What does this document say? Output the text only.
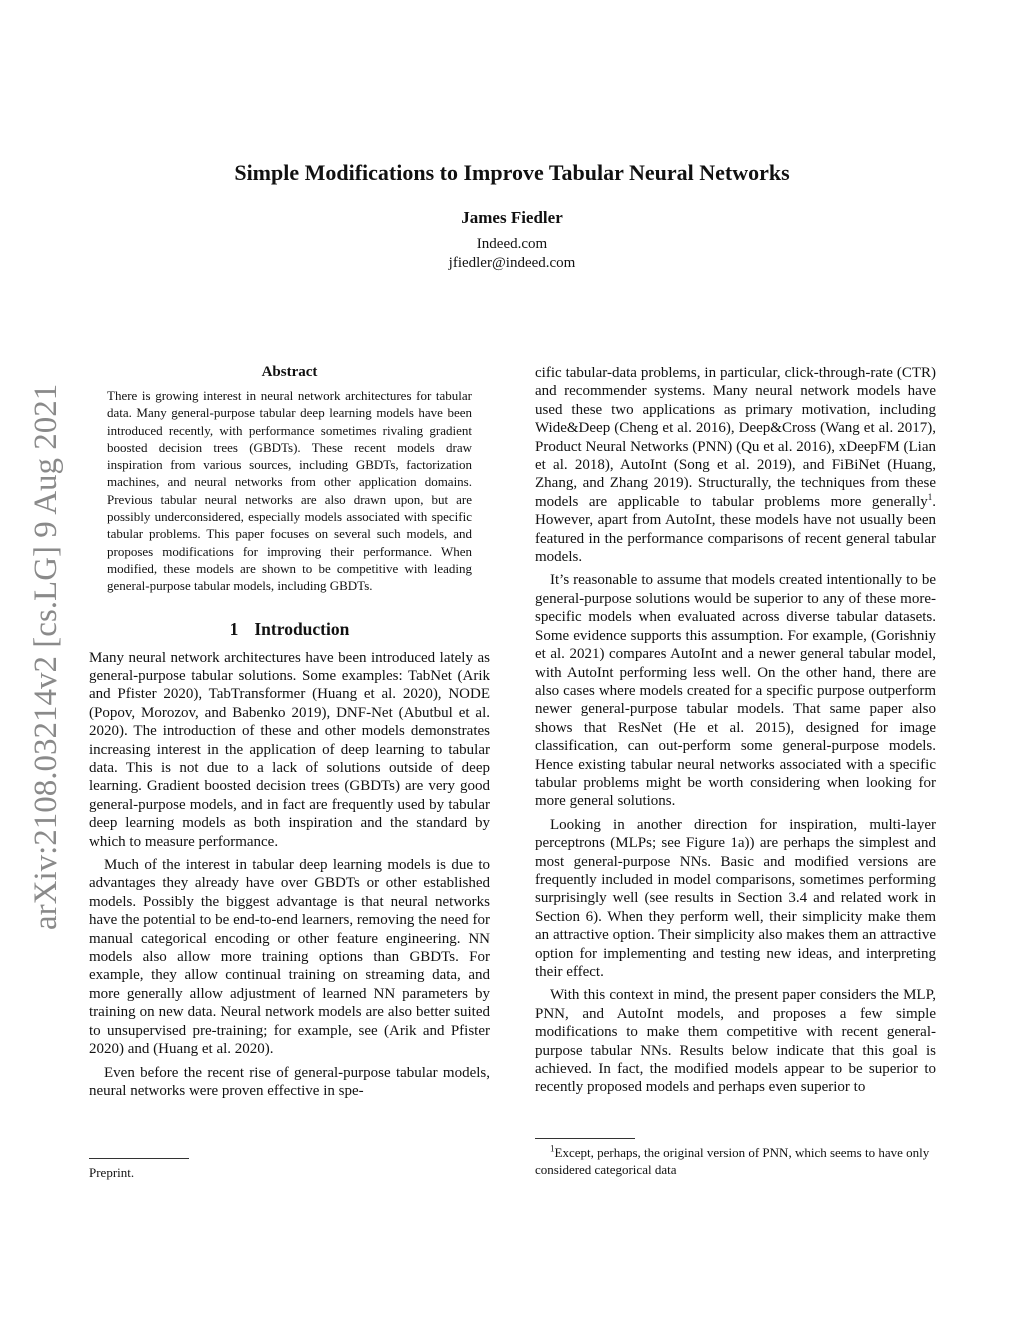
arXiv:2108.03214v2 [cs.LG] 9 Aug 2021
Simple Modifications to Improve Tabular Neural Networks
James Fiedler
Indeed.com
jfiedler@indeed.com
Abstract
There is growing interest in neural network architectures for tabular data. Many general-purpose tabular deep learning models have been introduced recently, with performance sometimes rivaling gradient boosted decision trees (GBDTs). These recent models draw inspiration from various sources, including GBDTs, factorization machines, and neural networks from other application domains. Previous tabular neural networks are also drawn upon, but are possibly underconsidered, especially models associated with specific tabular problems. This paper focuses on several such models, and proposes modifications for improving their performance. When modified, these models are shown to be competitive with leading general-purpose tabular models, including GBDTs.
1 Introduction

Many neural network architectures have been introduced lately as general-purpose tabular solutions. Some examples: TabNet (Arik and Pfister 2020), TabTransformer (Huang et al. 2020), NODE (Popov, Morozov, and Babenko 2019), DNF-Net (Abutbul et al. 2020). The introduction of these and other models demonstrates increasing interest in the application of deep learning to tabular data. This is not due to a lack of solutions outside of deep learning. Gradient boosted decision trees (GBDTs) are very good general-purpose models, and in fact are frequently used by tabular deep learning models as both inspiration and the standard by which to measure performance.

Much of the interest in tabular deep learning models is due to advantages they already have over GBDTs or other established models. Possibly the biggest advantage is that neural networks have the potential to be end-to-end learners, removing the need for manual categorical encoding or other feature engineering. NN models also allow more training options than GBDTs. For example, they allow continual training on streaming data, and more generally allow adjustment of learned NN parameters by training on new data. Neural network models are also better suited to unsupervised pre-training; for example, see (Arik and Pfister 2020) and (Huang et al. 2020).

Even before the recent rise of general-purpose tabular models, neural networks were proven effective in spe-

Preprint.

cific tabular-data problems, in particular, click-through-rate (CTR) and recommender systems. Many neural network models have used these two applications as primary motivation, including Wide&Deep (Cheng et al. 2016), Deep&Cross (Wang et al. 2017), Product Neural Networks (PNN) (Qu et al. 2016), xDeepFM (Lian et al. 2018), AutoInt (Song et al. 2019), and FiBiNet (Huang, Zhang, and Zhang 2019). Structurally, the techniques from these models are applicable to tabular problems more generally$^1$. However, apart from AutoInt, these models have not usually been featured in the performance comparisons of recent general tabular models.

It’s reasonable to assume that models created intentionally to be general-purpose solutions would be superior to any of these more-specific models when evaluated across diverse tabular datasets. Some evidence supports this assumption. For example, (Gorishniy et al. 2021) compares AutoInt and a newer general tabular model, with AutoInt performing less well. On the other hand, there are also cases where models created for a specific purpose outperform newer general-purpose tabular models. That same paper also shows that ResNet (He et al. 2015), designed for image classification, can out-perform some general-purpose models. Hence existing tabular neural networks associated with a specific tabular problems might be worth considering when looking for more general solutions.

Looking in another direction for inspiration, multi-layer perceptrons (MLPs; see Figure 1a)) are perhaps the simplest and most general-purpose NNs. Basic and modified versions are frequently included in model comparisons, sometimes performing surprisingly well (see results in Section 3.4 and related work in Section 6). When they perform well, their simplicity make them an attractive option. Their simplicity also makes them an attractive option for implementing and testing new ideas, and interpreting their effect.

With this context in mind, the present paper considers the MLP, PNN, and AutoInt models, and proposes a few simple modifications to make them competitive with recent general-purpose tabular NNs. Results below indicate that this goal is achieved. In fact, the modified models appear to be superior to recently proposed models and perhaps even superior to

$^1$Except, perhaps, the original version of PNN, which seems to have only considered categorical data
